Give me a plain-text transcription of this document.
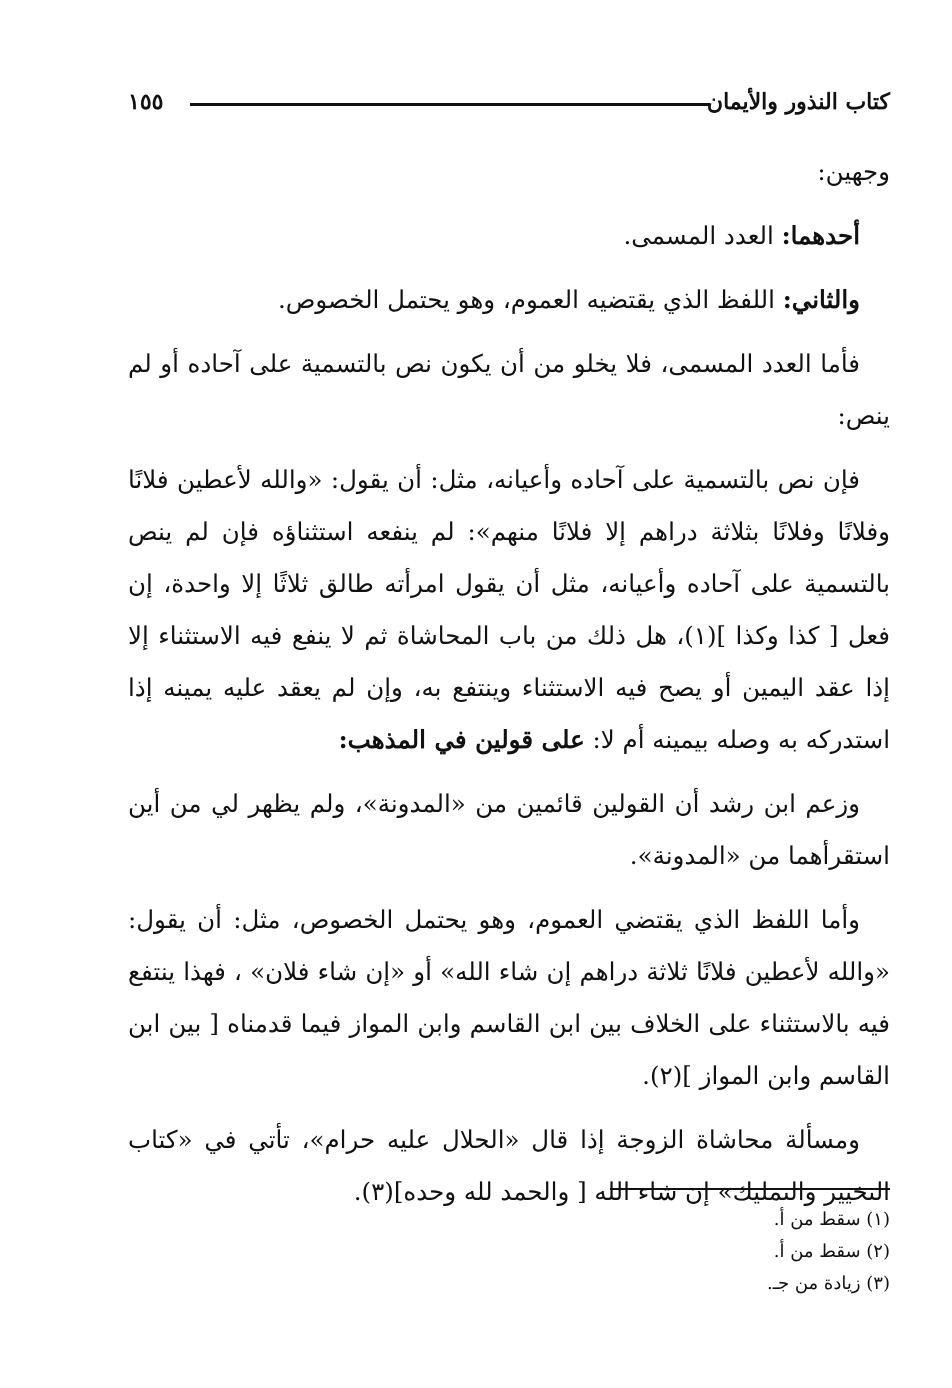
كتاب النذور والأيمان
١٥٥

وجهين:

أحدهما: العدد المسمى.

والثاني: اللفظ الذي يقتضيه العموم، وهو يحتمل الخصوص.

فأما العدد المسمى، فلا يخلو من أن يكون نص بالتسمية على آحاده أو لم ينص:

فإن نص بالتسمية على آحاده وأعيانه، مثل: أن يقول: «والله لأعطين فلانًا وفلانًا وفلانًا بثلاثة دراهم إلا فلانًا منهم»: لم ينفعه استثناؤه فإن لم ينص بالتسمية على آحاده وأعيانه، مثل أن يقول امرأته طالق ثلاثًا إلا واحدة، إن فعل [ كذا وكذا ](١)، هل ذلك من باب المحاشاة ثم لا ينفع فيه الاستثناء إلا إذا عقد اليمين أو يصح فيه الاستثناء وينتفع به، وإن لم يعقد عليه يمينه إذا استدركه به وصله بيمينه أم لا: على قولين في المذهب:

وزعم ابن رشد أن القولين قائمين من «المدونة»، ولم يظهر لي من أين استقرأهما من «المدونة».

وأما اللفظ الذي يقتضي العموم، وهو يحتمل الخصوص، مثل: أن يقول: «والله لأعطين فلانًا ثلاثة دراهم إن شاء الله» أو «إن شاء فلان» ، فهذا ينتفع فيه بالاستثناء على الخلاف بين ابن القاسم وابن المواز فيما قدمناه [ بين ابن القاسم وابن المواز ](٢).

ومسألة محاشاة الزوجة إذا قال «الحلال عليه حرام»، تأتي في «كتاب التخيير والتمليك» إن شاء الله [ والحمد لله وحده](٣).

(١) سقط من أ.
(٢) سقط من أ.
(٣) زيادة من جـ.
